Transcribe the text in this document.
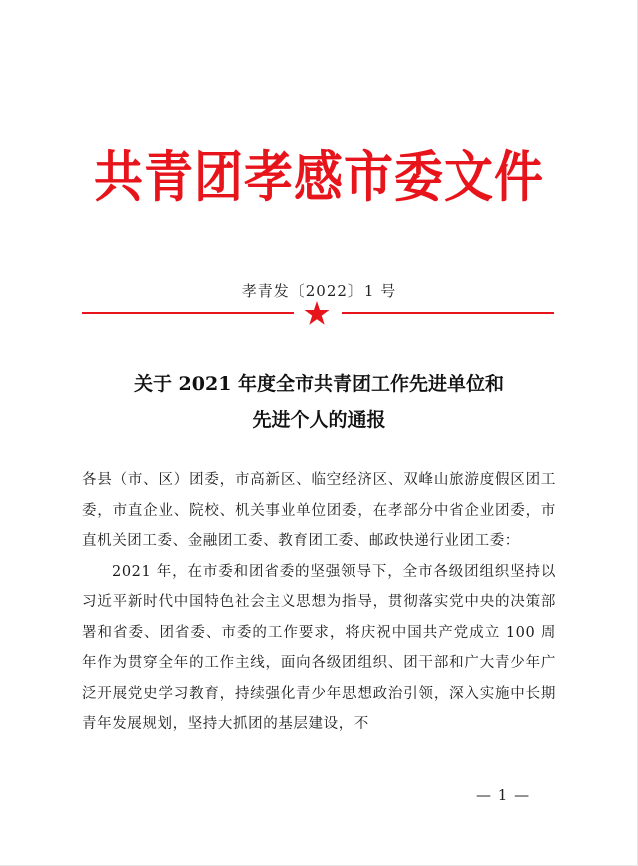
共青团孝感市委文件
孝青发〔2022〕1 号
关于 2021 年度全市共青团工作先进单位和
先进个人的通报

各县（市、区）团委，市高新区、临空经济区、双峰山旅游度假区团工委，市直企业、院校、机关事业单位团委，在孝部分中省企业团委，市直机关团工委、金融团工委、教育团工委、邮政快递行业团工委：

2021 年，在市委和团省委的坚强领导下，全市各级团组织坚持以习近平新时代中国特色社会主义思想为指导，贯彻落实党中央的决策部署和省委、团省委、市委的工作要求，将庆祝中国共产党成立 100 周年作为贯穿全年的工作主线，面向各级团组织、团干部和广大青少年广泛开展党史学习教育，持续强化青少年思想政治引领，深入实施中长期青年发展规划，坚持大抓团的基层建设，不

— 1 —
